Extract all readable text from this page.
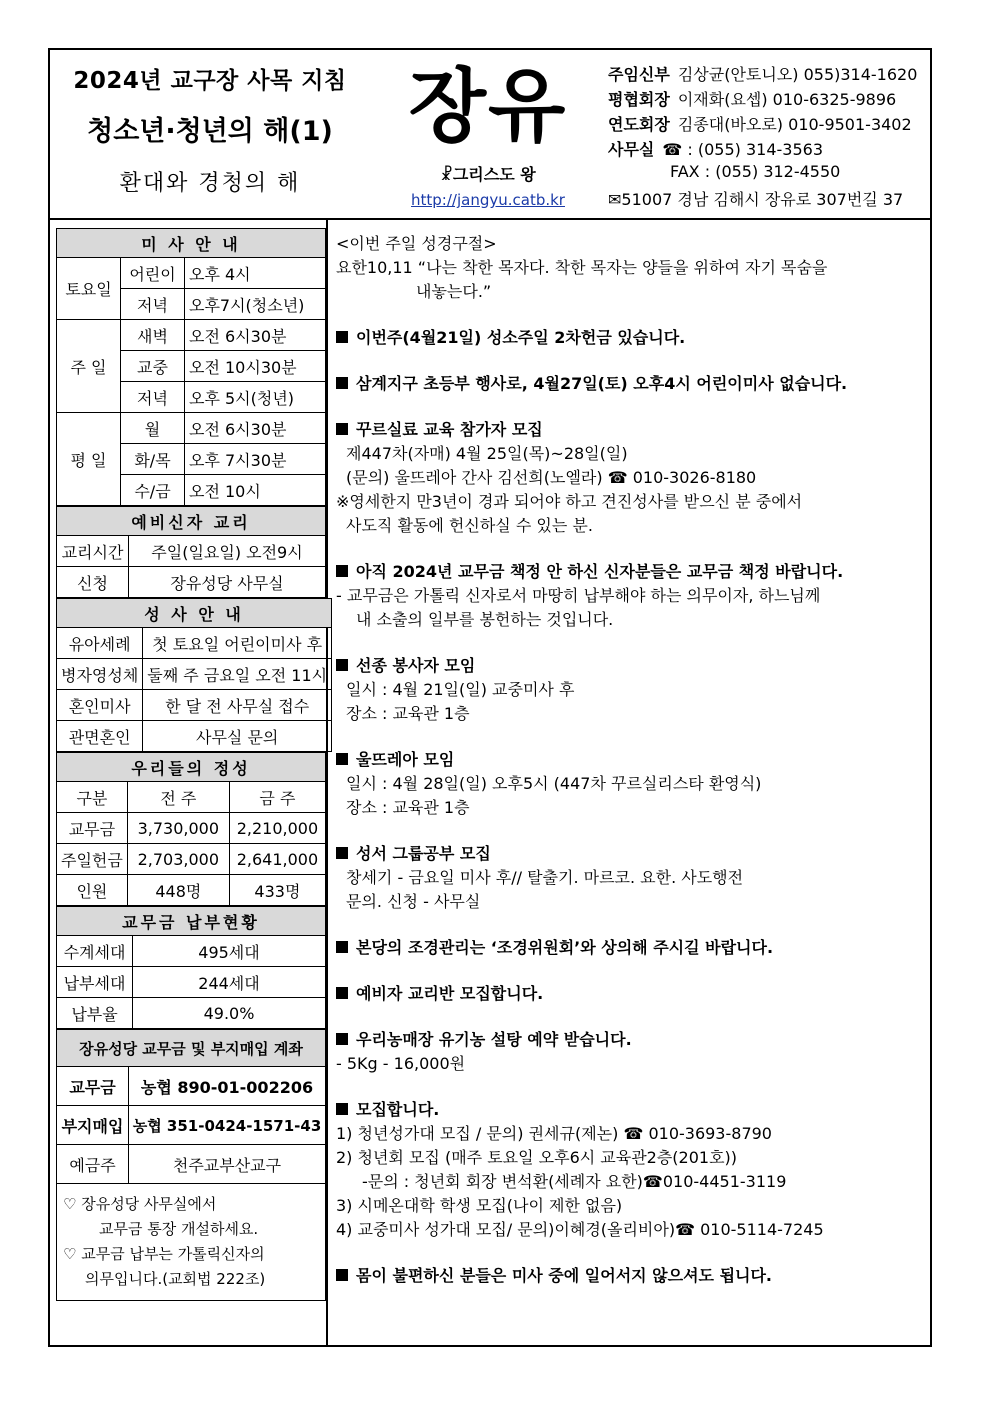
2024년 교구장 사목 지침
청소년·청년의 해(1)
환대와 경청의 해
장유
☧그리스도 왕
http://jangyu.catb.kr
주임신부 김상균(안토니오) 055)314-1620
평협회장 이재화(요셉) 010-6325-9896
연도회장 김종대(바오로) 010-9501-3402
사무실 ☎ : (055) 314-3563
FAX : (055) 312-4550
✉51007 경남 김해시 장유로 307번길 37
미 사 안 내		
토요일	어린이	오후 4시
	저녁	오후7시(청소년)
주 일	새벽	오전 6시30분
	교중	오전 10시30분
	저녁	오후 5시(청년)
평 일	월	오전 6시30분
	화/목	오후 7시30분
	수/금	오전 10시
예비신자 교리	
교리시간	주일(일요일) 오전9시
신청	장유성당 사무실
성 사 안 내	
유아세례	첫 토요일 어린이미사 후
병자영성체	둘째 주 금요일 오전 11시
혼인미사	한 달 전 사무실 접수
관면혼인	사무실 문의
우리들의 정성		
구분	전 주	금 주
교무금	3,730,000	2,210,000
주일헌금	2,703,000	2,641,000
인원	448명	433명
교무금 납부현황	
수계세대	495세대
납부세대	244세대
납부율	49.0%
장유성당 교무금 및 부지매입 계좌	
교무금	농협 890-01-002206
부지매입	농협 351-0424-1571-43
예금주	천주교부산교구
♡ 장유성당 사무실에서
교무금 통장 개설하세요.
♡ 교무금 납부는 가톨릭신자의
의무입니다.(교회법 222조)
<이번 주일 성경구절>
요한10,11 “나는 착한 목자다. 착한 목자는 양들을 위하여 자기 목숨을
내놓는다.”
이번주(4월21일) 성소주일 2차헌금 있습니다.
삼계지구 초등부 행사로, 4월27일(토) 오후4시 어린이미사 없습니다.
꾸르실료 교육 참가자 모집
제447차(자매) 4월 25일(목)~28일(일)
(문의) 울뜨레아 간사 김선희(노엘라) ☎ 010-3026-8180
※영세한지 만3년이 경과 되어야 하고 견진성사를 받으신 분 중에서
사도직 활동에 헌신하실 수 있는 분.
아직 2024년 교무금 책정 안 하신 신자분들은 교무금 책정 바랍니다.
- 교무금은 가톨릭 신자로서 마땅히 납부해야 하는 의무이자, 하느님께
내 소출의 일부를 봉헌하는 것입니다.
선종 봉사자 모임
일시 : 4월 21일(일) 교중미사 후
장소 : 교육관 1층
울뜨레아 모임
일시 : 4월 28일(일) 오후5시 (447차 꾸르실리스타 환영식)
장소 : 교육관 1층
성서 그룹공부 모집
창세기 - 금요일 미사 후// 탈출기. 마르코. 요한. 사도행전
문의. 신청 - 사무실
본당의 조경관리는 ‘조경위원회’와 상의해 주시길 바랍니다.
예비자 교리반 모집합니다.
우리농매장 유기농 설탕 예약 받습니다.
- 5Kg - 16,000원
모집합니다.
1) 청년성가대 모집 / 문의) 권세규(제논) ☎ 010-3693-8790
2) 청년회 모집 (매주 토요일 오후6시 교육관2층(201호))
-문의 : 청년회 회장 변석환(세례자 요한)☎010-4451-3119
3) 시메온대학 학생 모집(나이 제한 없음)
4) 교중미사 성가대 모집/ 문의)이혜경(올리비아)☎ 010-5114-7245
몸이 불편하신 분들은 미사 중에 일어서지 않으셔도 됩니다.
